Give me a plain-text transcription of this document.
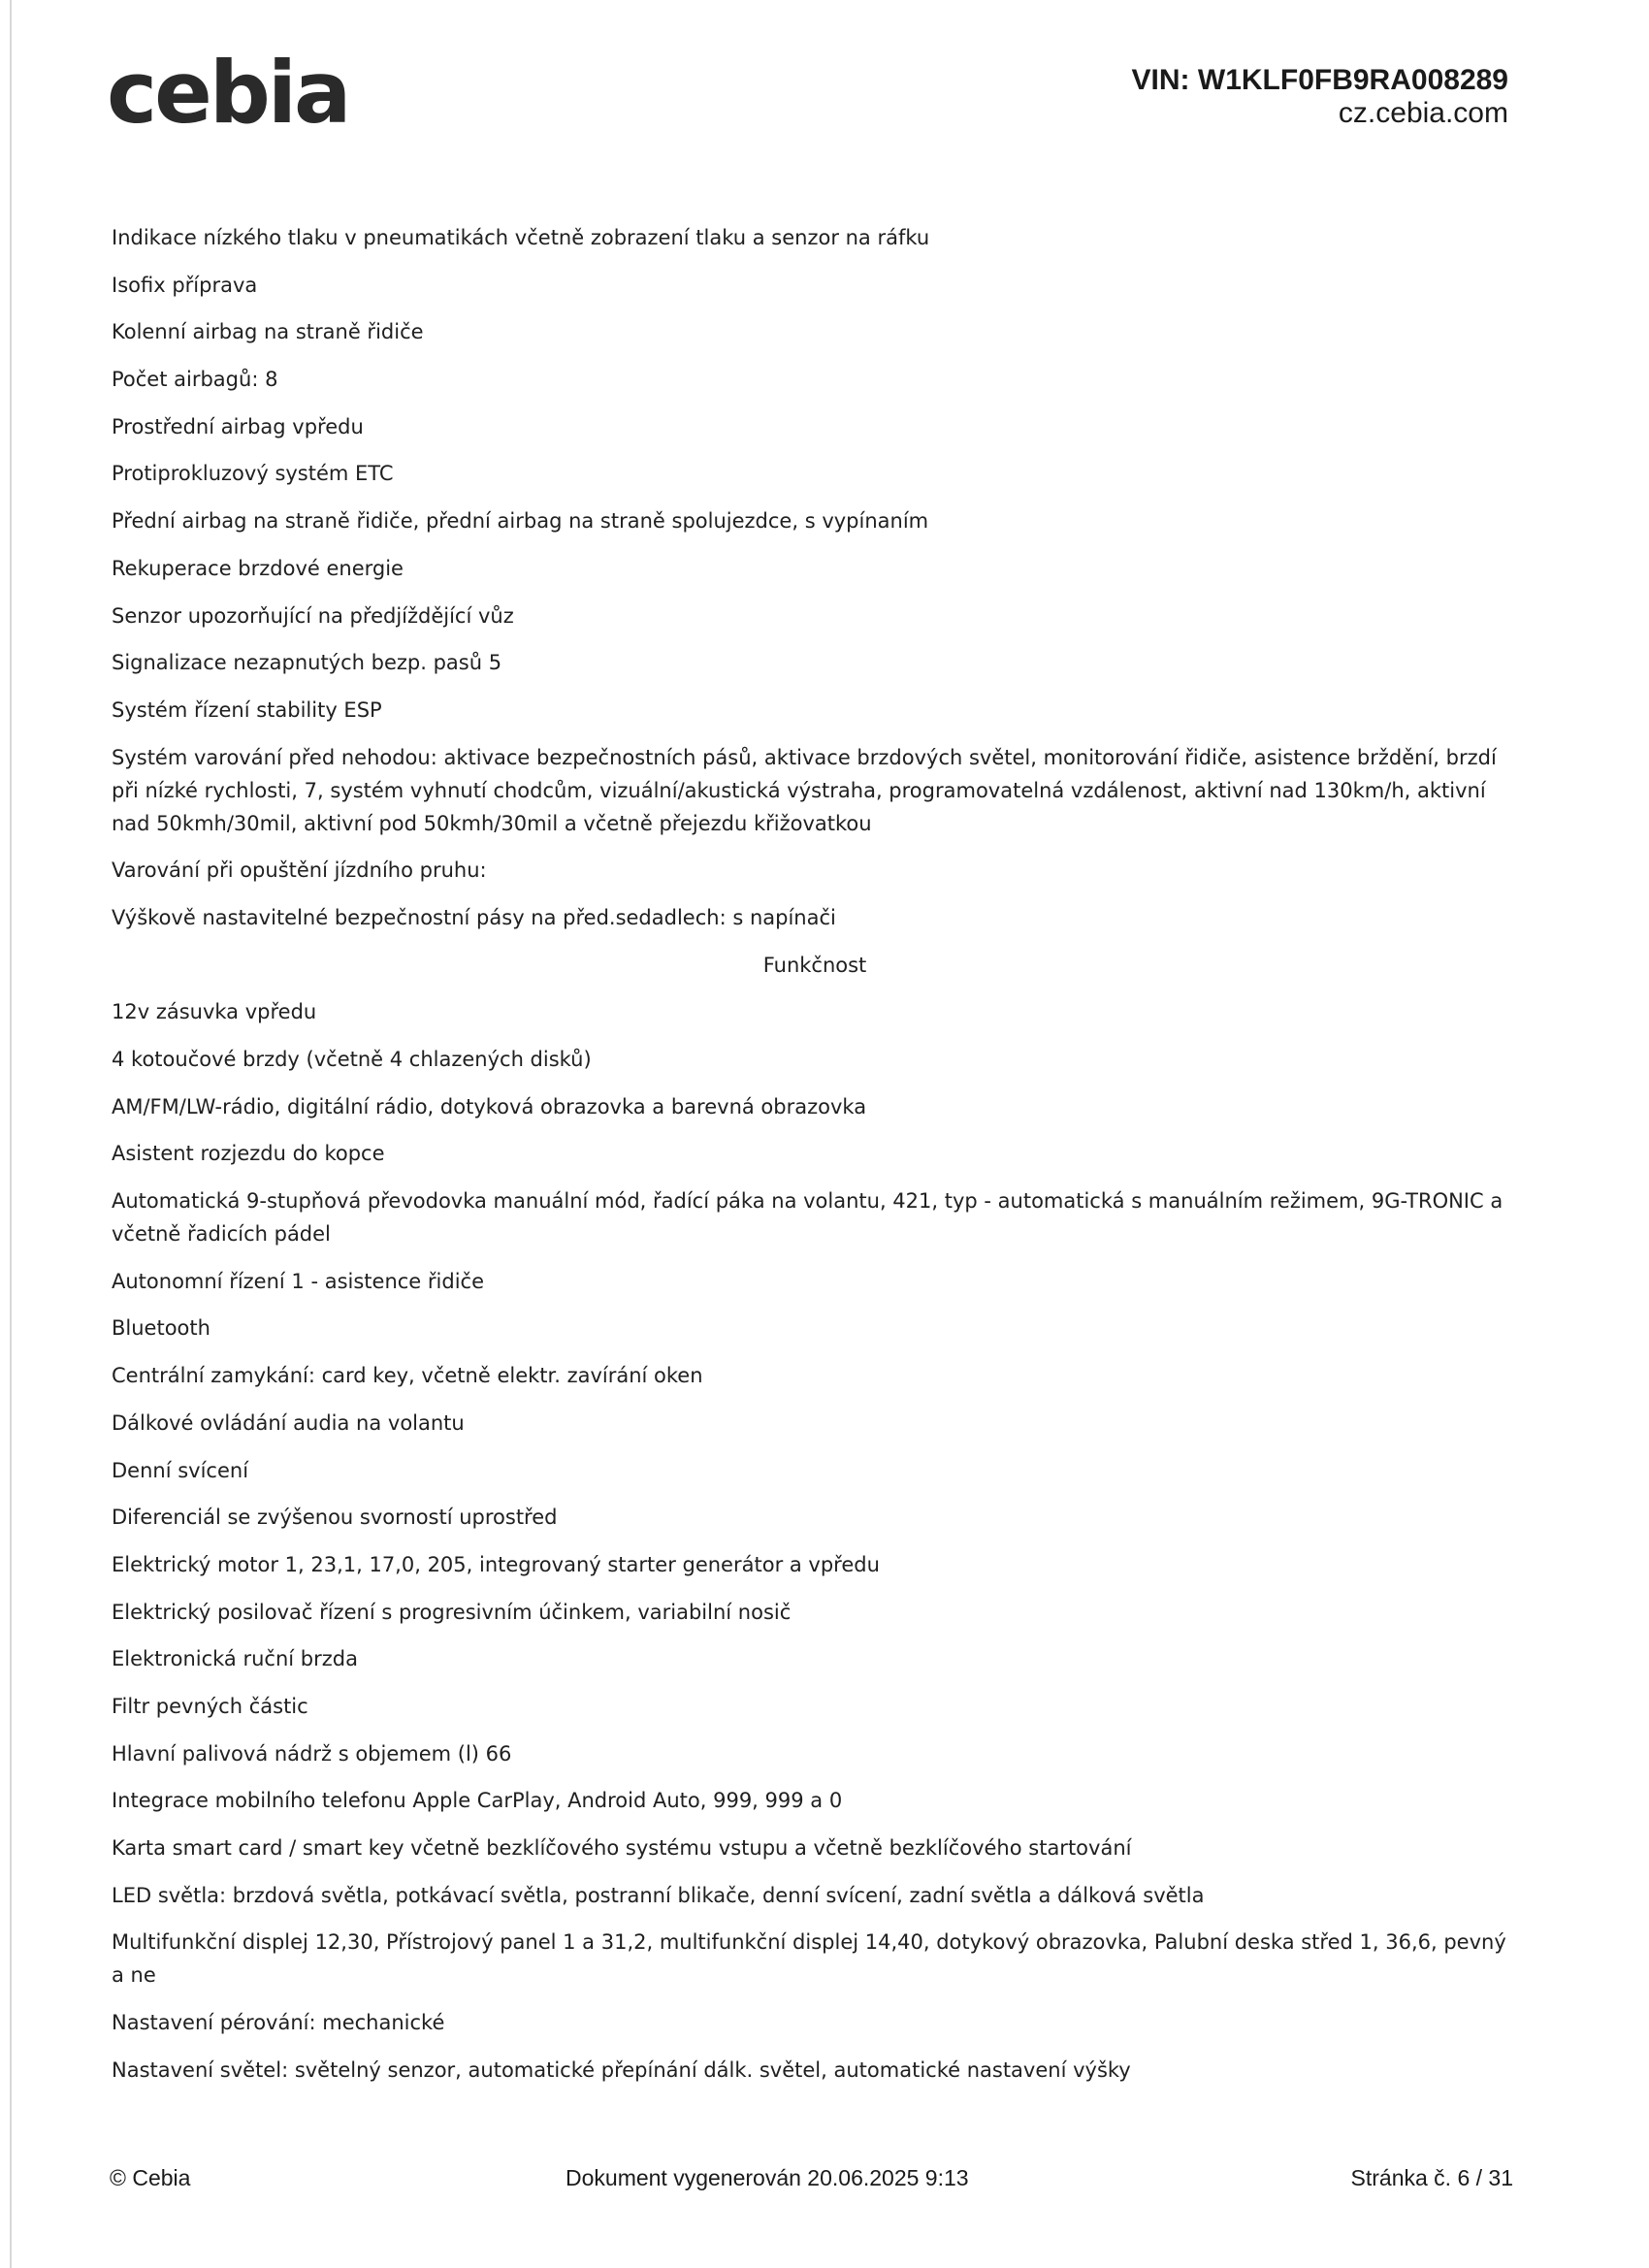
cebia	VIN: W1KLF0FB9RA008289
cz.cebia.com
Indikace nízkého tlaku v pneumatikách včetně zobrazení tlaku a senzor na ráfku
Isofix příprava
Kolenní airbag na straně řidiče
Počet airbagů: 8
Prostřední airbag vpředu
Protiprokluzový systém ETC
Přední airbag na straně řidiče, přední airbag na straně spolujezdce, s vypínaním
Rekuperace brzdové energie
Senzor upozorňující na předjíždějící vůz
Signalizace nezapnutých bezp. pasů 5
Systém řízení stability ESP
Systém varování před nehodou: aktivace bezpečnostních pásů, aktivace brzdových světel, monitorování řidiče, asistence brždění, brzdí při nízké rychlosti, 7, systém vyhnutí chodcům, vizuální/akustická výstraha, programovatelná vzdálenost, aktivní nad 130km/h, aktivní nad 50kmh/30mil, aktivní pod 50kmh/30mil a včetně přejezdu křižovatkou
Varování při opuštění jízdního pruhu:
Výškově nastavitelné bezpečnostní pásy na před.sedadlech: s napínači
Funkčnost
12v zásuvka vpředu
4 kotoučové brzdy (včetně 4 chlazených disků)
AM/FM/LW-rádio, digitální rádio, dotyková obrazovka a barevná obrazovka
Asistent rozjezdu do kopce
Automatická 9-stupňová převodovka manuální mód, řadící páka na volantu, 421, typ - automatická s manuálním režimem, 9G-TRONIC a včetně řadicích pádel
Autonomní řízení 1 - asistence řidiče
Bluetooth
Centrální zamykání: card key, včetně elektr. zavírání oken
Dálkové ovládání audia na volantu
Denní svícení
Diferenciál se zvýšenou svorností uprostřed
Elektrický motor 1, 23,1, 17,0, 205, integrovaný starter generátor a vpředu
Elektrický posilovač řízení s progresivním účinkem, variabilní nosič
Elektronická ruční brzda
Filtr pevných částic
Hlavní palivová nádrž s objemem (l) 66
Integrace mobilního telefonu Apple CarPlay, Android Auto, 999, 999 a 0
Karta smart card / smart key včetně bezklíčového systému vstupu a včetně bezklíčového startování
LED světla: brzdová světla, potkávací světla, postranní blikače, denní svícení, zadní světla a dálková světla
Multifunkční displej 12,30, Přístrojový panel 1 a 31,2, multifunkční displej 14,40, dotykový obrazovka, Palubní deska střed 1, 36,6, pevný a ne
Nastavení pérování: mechanické
Nastavení světel: světelný senzor, automatické přepínání dálk. světel, automatické nastavení výšky
© Cebia	Dokument vygenerován 20.06.2025 9:13	Stránka č. 6 / 31
